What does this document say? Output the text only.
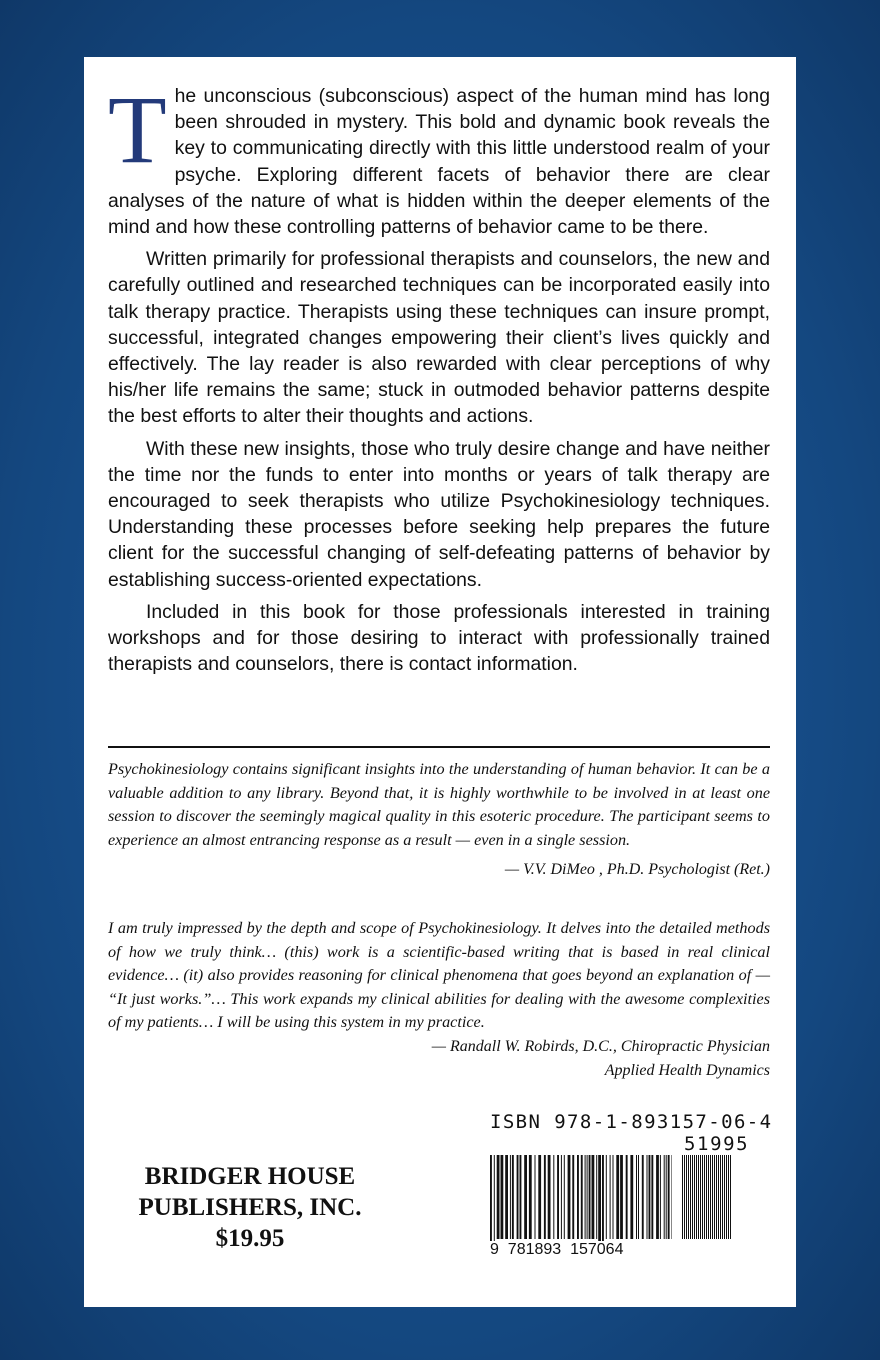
The unconscious (subconscious) aspect of the human mind has long been shrouded in mystery. This bold and dynamic book reveals the key to communicating directly with this little understood realm of your psyche. Exploring different facets of behavior there are clear analyses of the nature of what is hidden within the deeper elements of the mind and how these controlling patterns of behavior came to be there.

Written primarily for professional therapists and counselors, the new and carefully outlined and researched techniques can be incorporated easily into talk therapy practice. Therapists using these techniques can insure prompt, successful, integrated changes empowering their client’s lives quickly and effectively. The lay reader is also rewarded with clear perceptions of why his/her life remains the same; stuck in outmoded behavior patterns despite the best efforts to alter their thoughts and actions.

With these new insights, those who truly desire change and have neither the time nor the funds to enter into months or years of talk therapy are encouraged to seek therapists who utilize Psychokinesiology techniques. Understanding these processes before seeking help prepares the future client for the successful changing of self-defeating patterns of behavior by establishing success-oriented expectations.

Included in this book for those professionals interested in training workshops and for those desiring to interact with professionally trained therapists and counselors, there is contact information.

Psychokinesiology contains significant insights into the understanding of human behavior. It can be a valuable addition to any library. Beyond that, it is highly worthwhile to be involved in at least one session to discover the seemingly magical quality in this esoteric procedure. The participant seems to experience an almost entrancing response as a result — even in a single session.
— V.V. DiMeo , Ph.D. Psychologist (Ret.)
I am truly impressed by the depth and scope of Psychokinesiology. It delves into the detailed methods of how we truly think… (this) work is a scientific-based writing that is based in real clinical evidence… (it) also provides reasoning for clinical phenomena that goes beyond an explanation of — “It just works.”… This work expands my clinical abilities for dealing with the awesome complexities of my patients… I will be using this system in my practice.
— Randall W. Robirds, D.C., Chiropractic Physician
Applied Health Dynamics
BRIDGER HOUSE
PUBLISHERS, INC.
$19.95
ISBN 978-1-893157-06-4
51995
9  781893  157064
